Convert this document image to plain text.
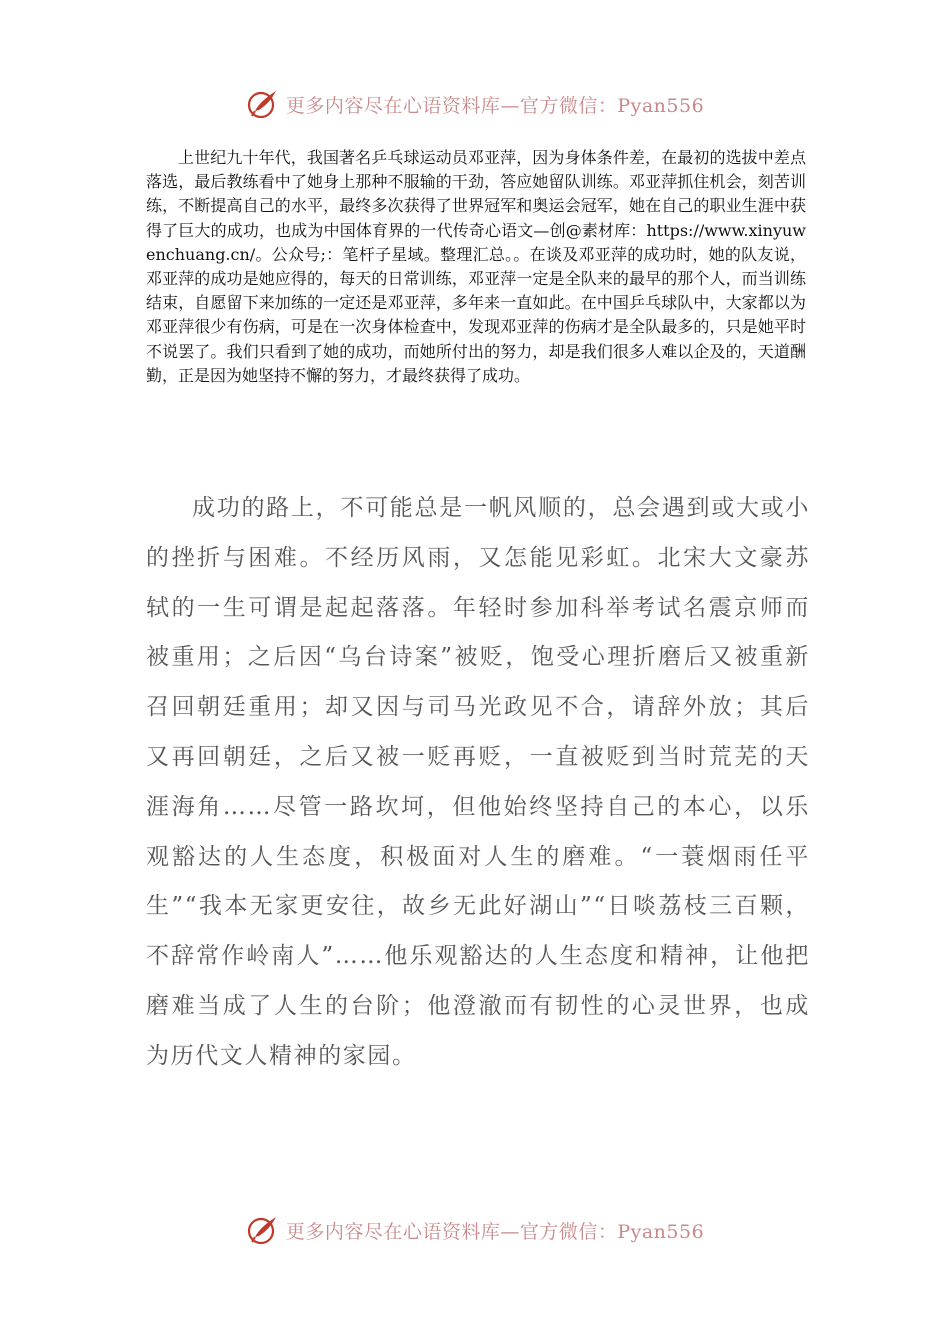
更多内容尽在心语资料库—官方微信：Pyan556

上世纪九十年代，我国著名乒乓球运动员邓亚萍，因为身体条件差，在最初的选拔中差点落选，最后教练看中了她身上那种不服输的干劲，答应她留队训练。邓亚萍抓住机会，刻苦训练，不断提高自己的水平，最终多次获得了世界冠军和奥运会冠军，她在自己的职业生涯中获得了巨大的成功，也成为中国体育界的一代传奇心语文—创@素材库：https://www.xinyuwenchuang.cn/。公众号;：笔杆子星域。整理汇总。。在谈及邓亚萍的成功时，她的队友说，邓亚萍的成功是她应得的，每天的日常训练，邓亚萍一定是全队来的最早的那个人，而当训练结束，自愿留下来加练的一定还是邓亚萍，多年来一直如此。在中国乒乓球队中，大家都以为邓亚萍很少有伤病，可是在一次身体检查中，发现邓亚萍的伤病才是全队最多的，只是她平时不说罢了。我们只看到了她的成功，而她所付出的努力，却是我们很多人难以企及的，天道酬勤，正是因为她坚持不懈的努力，才最终获得了成功。

成功的路上，不可能总是一帆风顺的，总会遇到或大或小的挫折与困难。不经历风雨，又怎能见彩虹。北宋大文豪苏轼的一生可谓是起起落落。年轻时参加科举考试名震京师而被重用；之后因“乌台诗案”被贬，饱受心理折磨后又被重新召回朝廷重用；却又因与司马光政见不合，请辞外放；其后又再回朝廷，之后又被一贬再贬，一直被贬到当时荒芜的天涯海角……尽管一路坎坷，但他始终坚持自己的本心，以乐观豁达的人生态度，积极面对人生的磨难。“一蓑烟雨任平生”“我本无家更安往，故乡无此好湖山”“日啖荔枝三百颗，不辞常作岭南人”……他乐观豁达的人生态度和精神，让他把磨难当成了人生的台阶；他澄澈而有韧性的心灵世界，也成为历代文人精神的家园。

更多内容尽在心语资料库—官方微信：Pyan556
